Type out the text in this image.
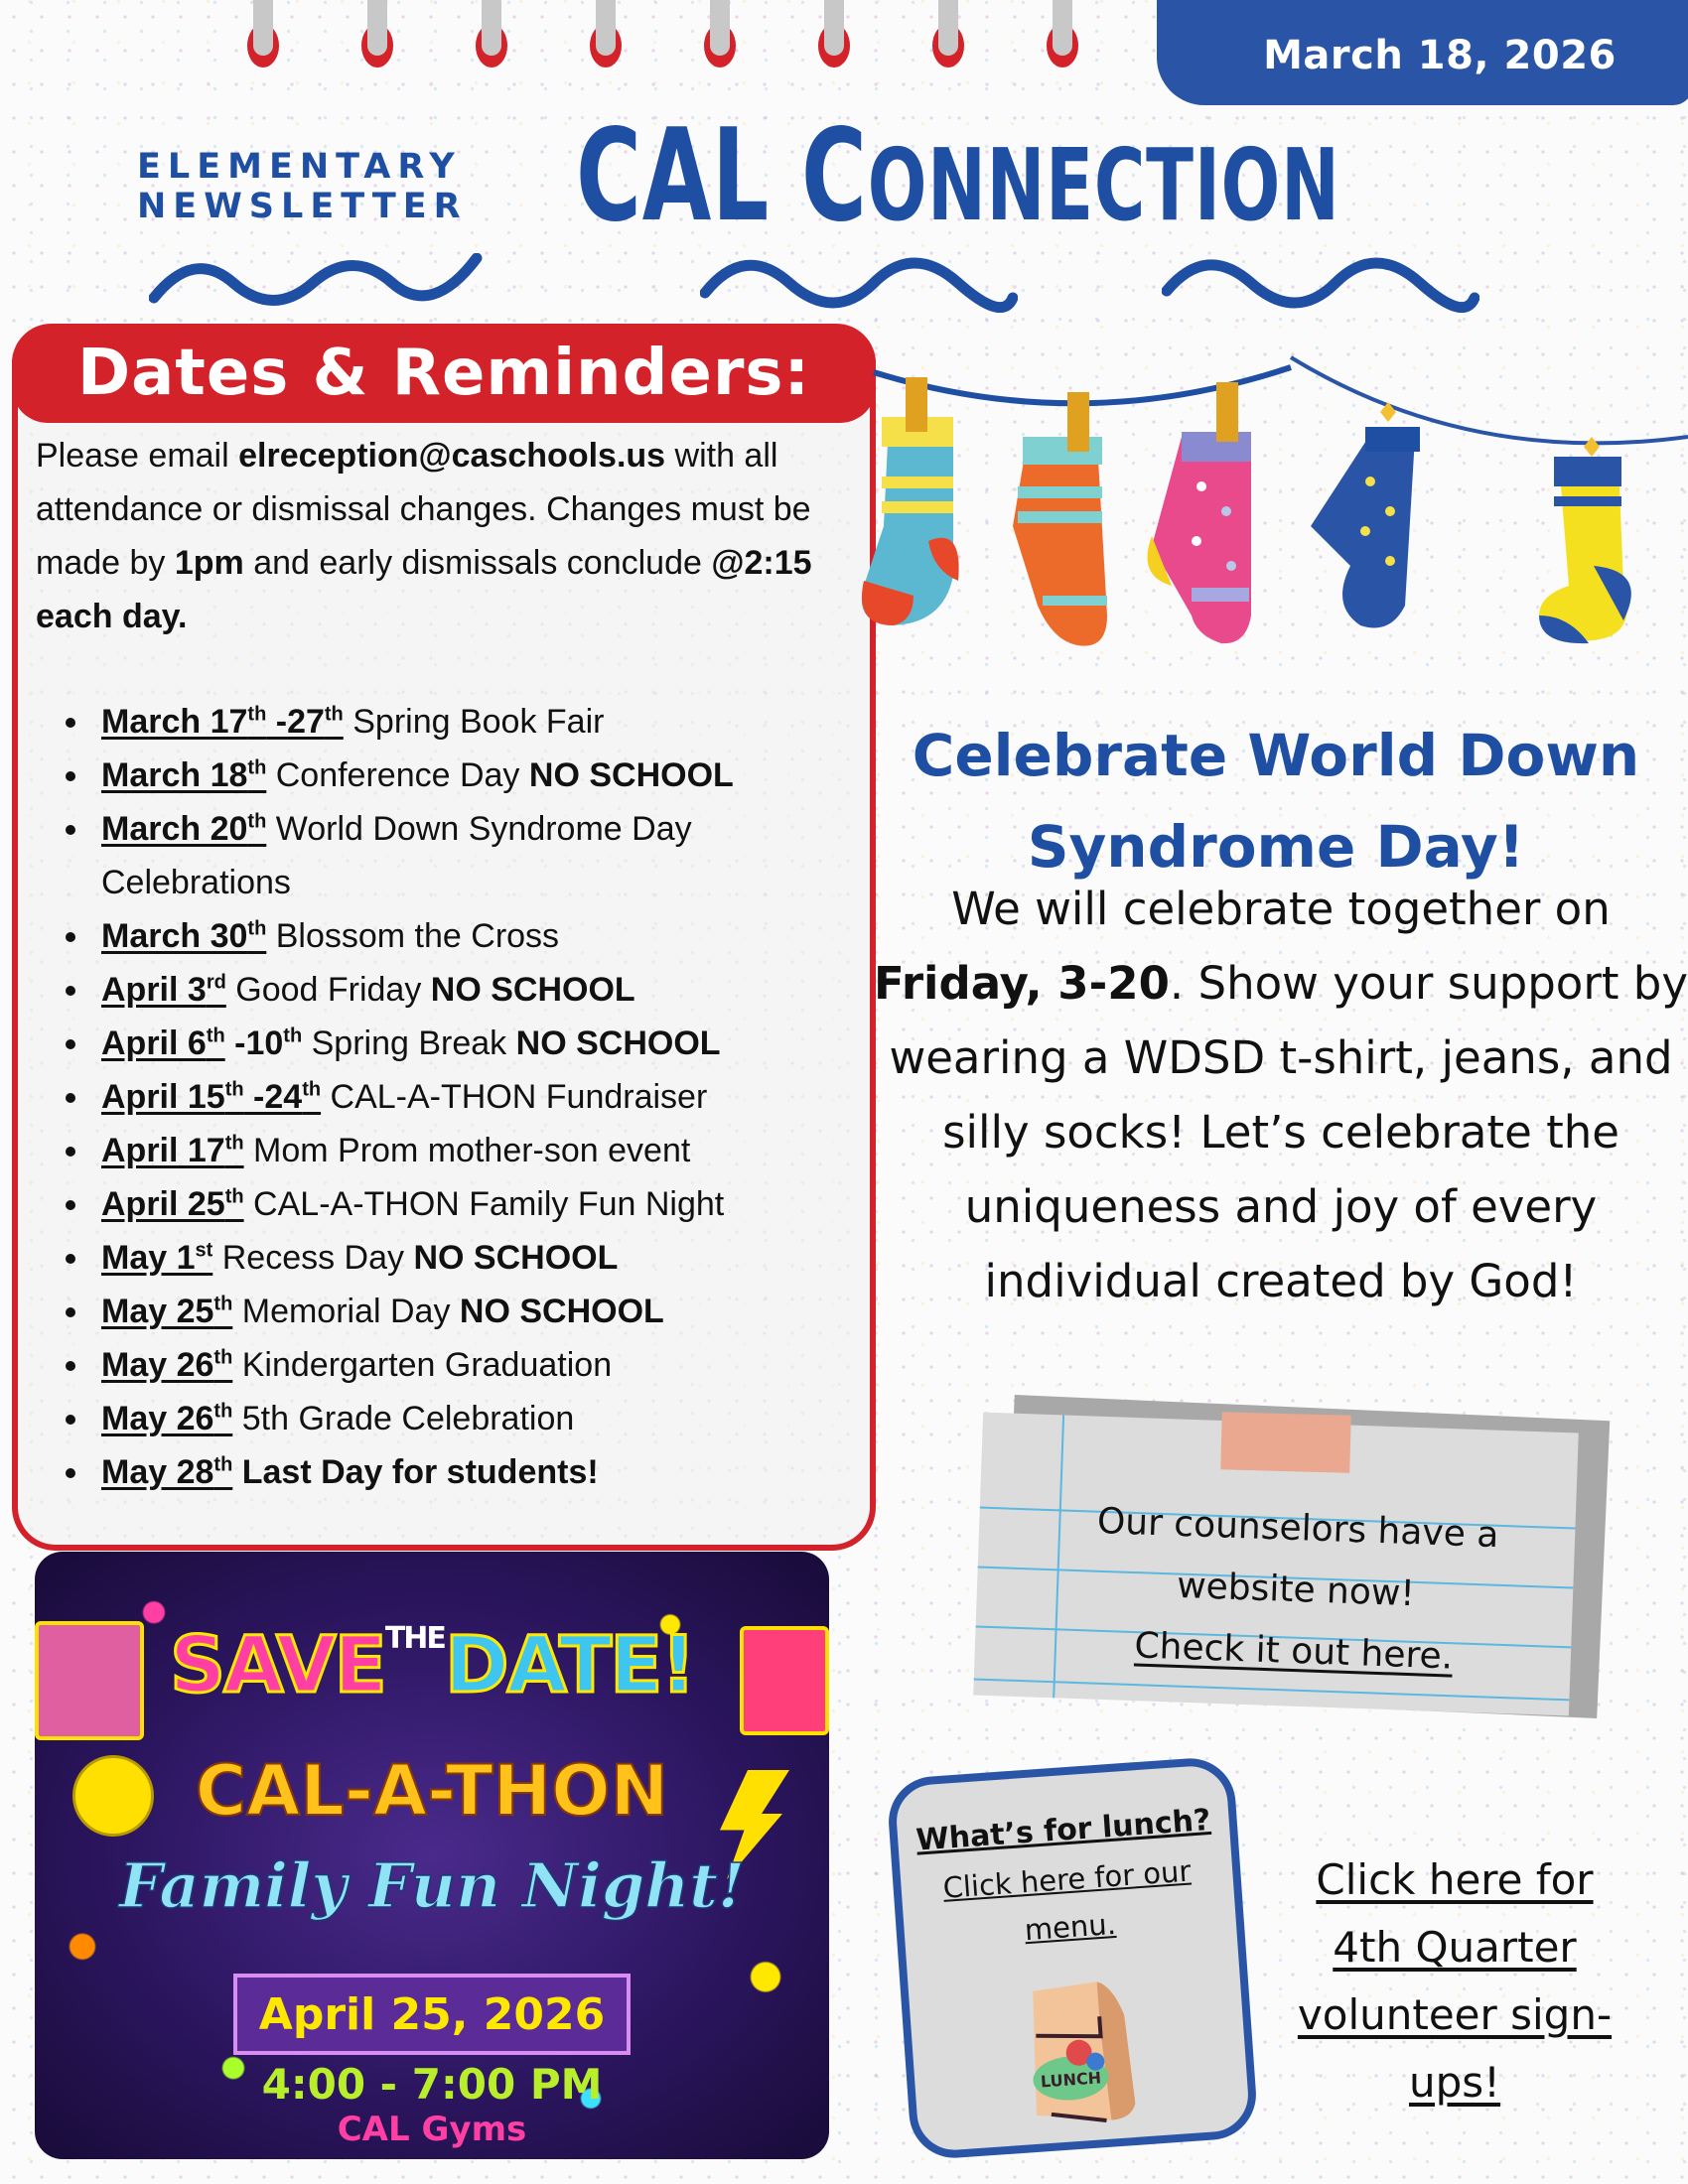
March 18, 2026
ELEMENTARY
NEWSLETTER CAL CONNECTION
Dates & Reminders:
Please email elreception@caschools.us with all attendance or dismissal changes. Changes must be made by 1pm and early dismissals conclude @2:15 each day.
March 17th -27th Spring Book Fair
March 18th Conference Day NO SCHOOL
March 20th World Down Syndrome Day Celebrations
March 30th Blossom the Cross
April 3rd Good Friday NO SCHOOL
April 6th -10th Spring Break NO SCHOOL
April 15th -24th CAL-A-THON Fundraiser
April 17th Mom Prom mother-son event
April 25th CAL-A-THON Family Fun Night
May 1st Recess Day NO SCHOOL
May 25th Memorial Day NO SCHOOL
May 26th Kindergarten Graduation
May 26th 5th Grade Celebration
May 28th Last Day for students!
$SAVE^{THE}DATE$!
CAL-A-THON
Family Fun Night!
April 25, 2026
4:00 - 7:00 PM
CAL Gyms
Celebrate World Down
Syndrome Day!
We will celebrate together on Friday, 3-20. Show your support by wearing a WDSD t-shirt, jeans, and silly socks! Let’s celebrate the uniqueness and joy of every individual created by God!
Our counselors have a
website now!
Check it out here.
What’s for lunch?
Click here for our menu.
LUNCH
Click here for 4th Quarter volunteer sign-ups!
